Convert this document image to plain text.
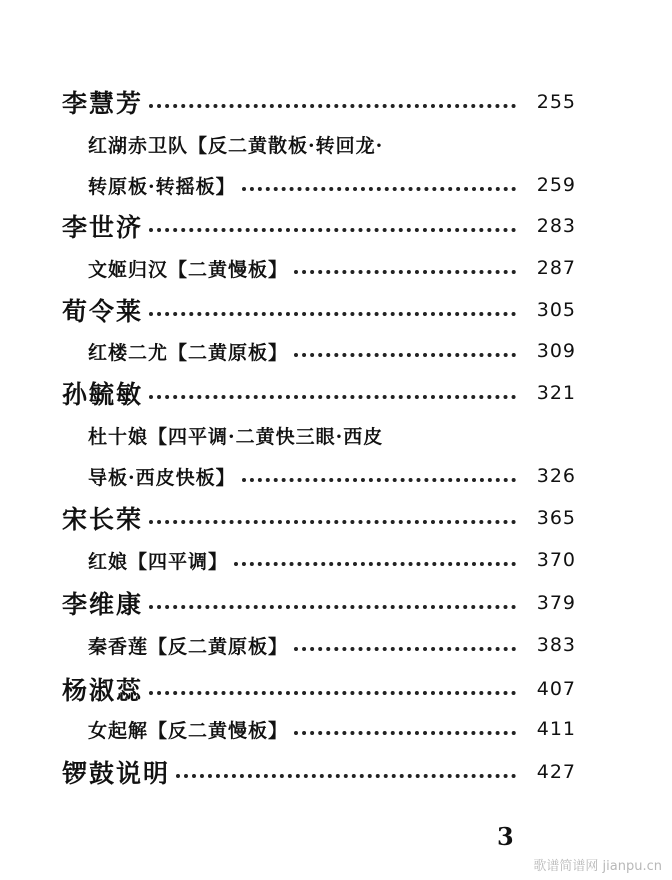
李慧芳	255
红湖赤卫队【反二黄散板·转回龙·
转原板·转摇板】	259
李世济	283
文姬归汉【二黄慢板】	287
荀令莱	305
红楼二尤【二黄原板】	309
孙毓敏	321
杜十娘【四平调·二黄快三眼·西皮
导板·西皮快板】	326
宋长荣	365
红娘【四平调】	370
李维康	379
秦香莲【反二黄原板】	383
杨淑蕊	407
女起解【反二黄慢板】	411
锣鼓说明	427
3
歌谱简谱网 jianpu.cn
